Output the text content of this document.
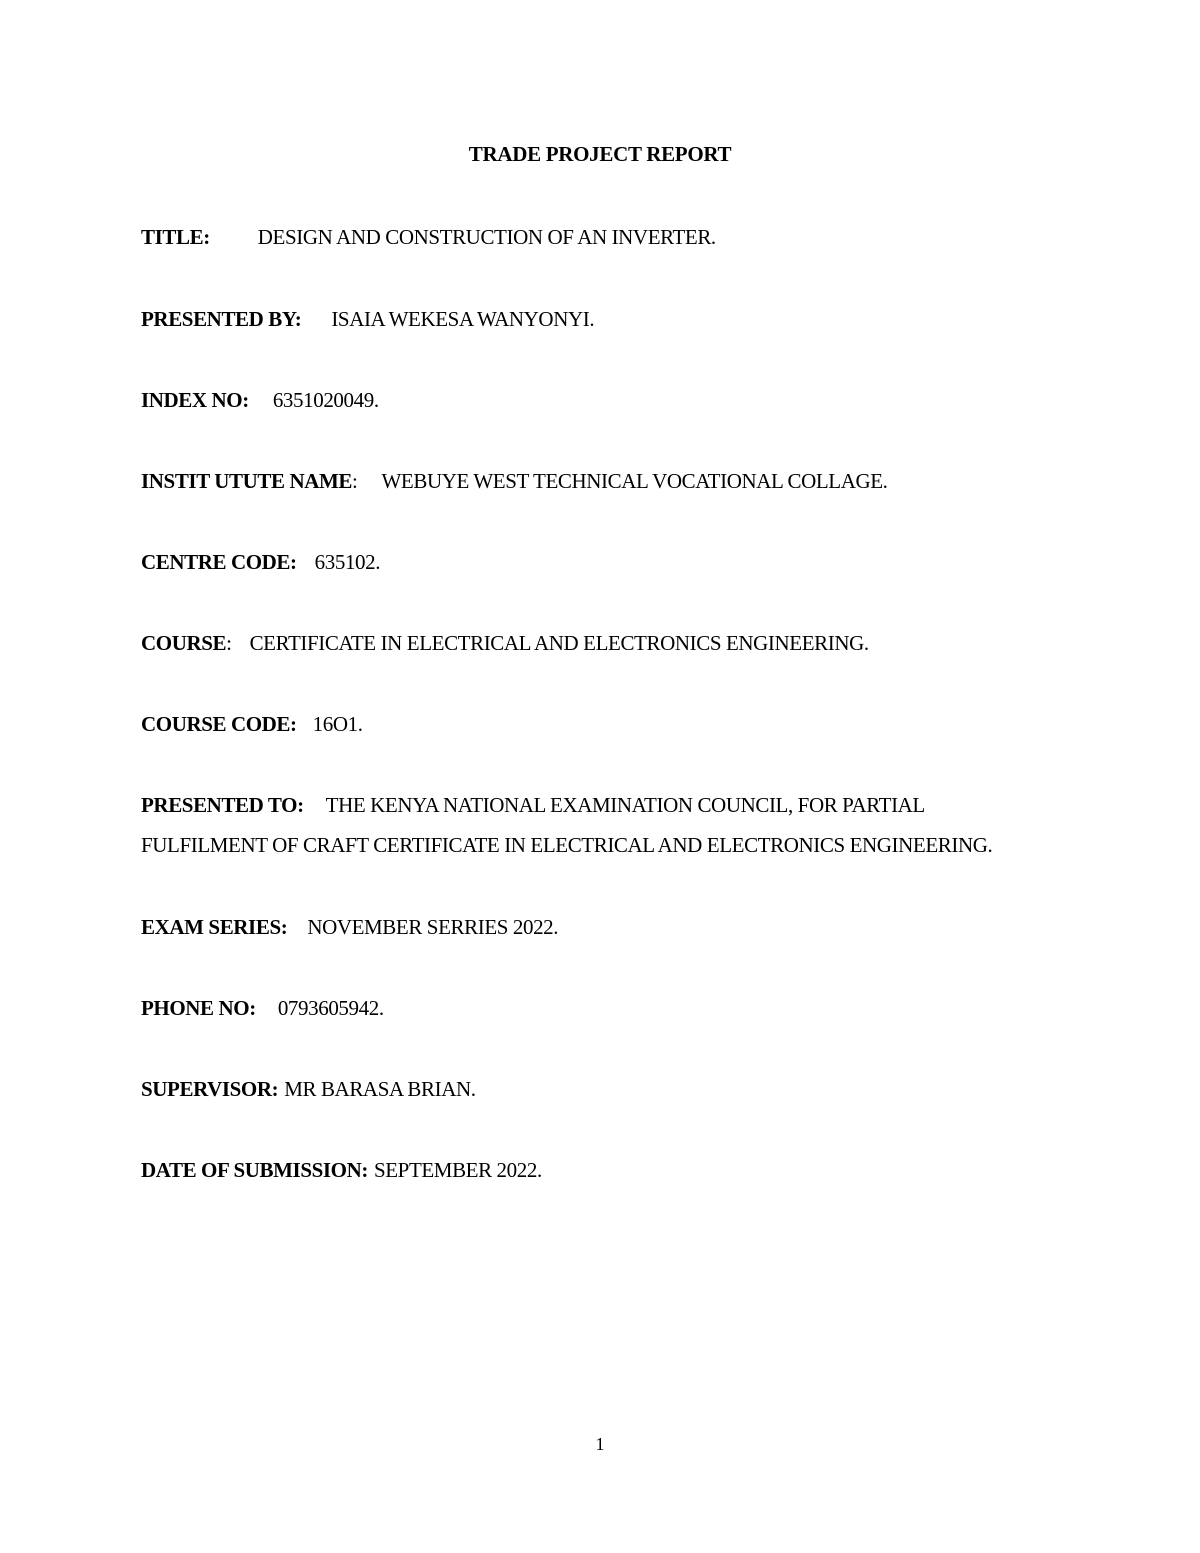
TRADE PROJECT REPORT
TITLE: DESIGN AND CONSTRUCTION OF AN INVERTER.
PRESENTED BY: ISAIA WEKESA WANYONYI.
INDEX NO: 6351020049.
INSTIT UTUTE NAME: WEBUYE WEST TECHNICAL VOCATIONAL COLLAGE.
CENTRE CODE: 635102.
COURSE: CERTIFICATE IN ELECTRICAL AND ELECTRONICS ENGINEERING.
COURSE CODE: 16O1.
PRESENTED TO: THE KENYA NATIONAL EXAMINATION COUNCIL, FOR PARTIAL
FULFILMENT OF CRAFT CERTIFICATE IN ELECTRICAL AND ELECTRONICS ENGINEERING.
EXAM SERIES: NOVEMBER SERRIES 2022.
PHONE NO: 0793605942.
SUPERVISOR: MR BARASA BRIAN.
DATE OF SUBMISSION: SEPTEMBER 2022.
1
